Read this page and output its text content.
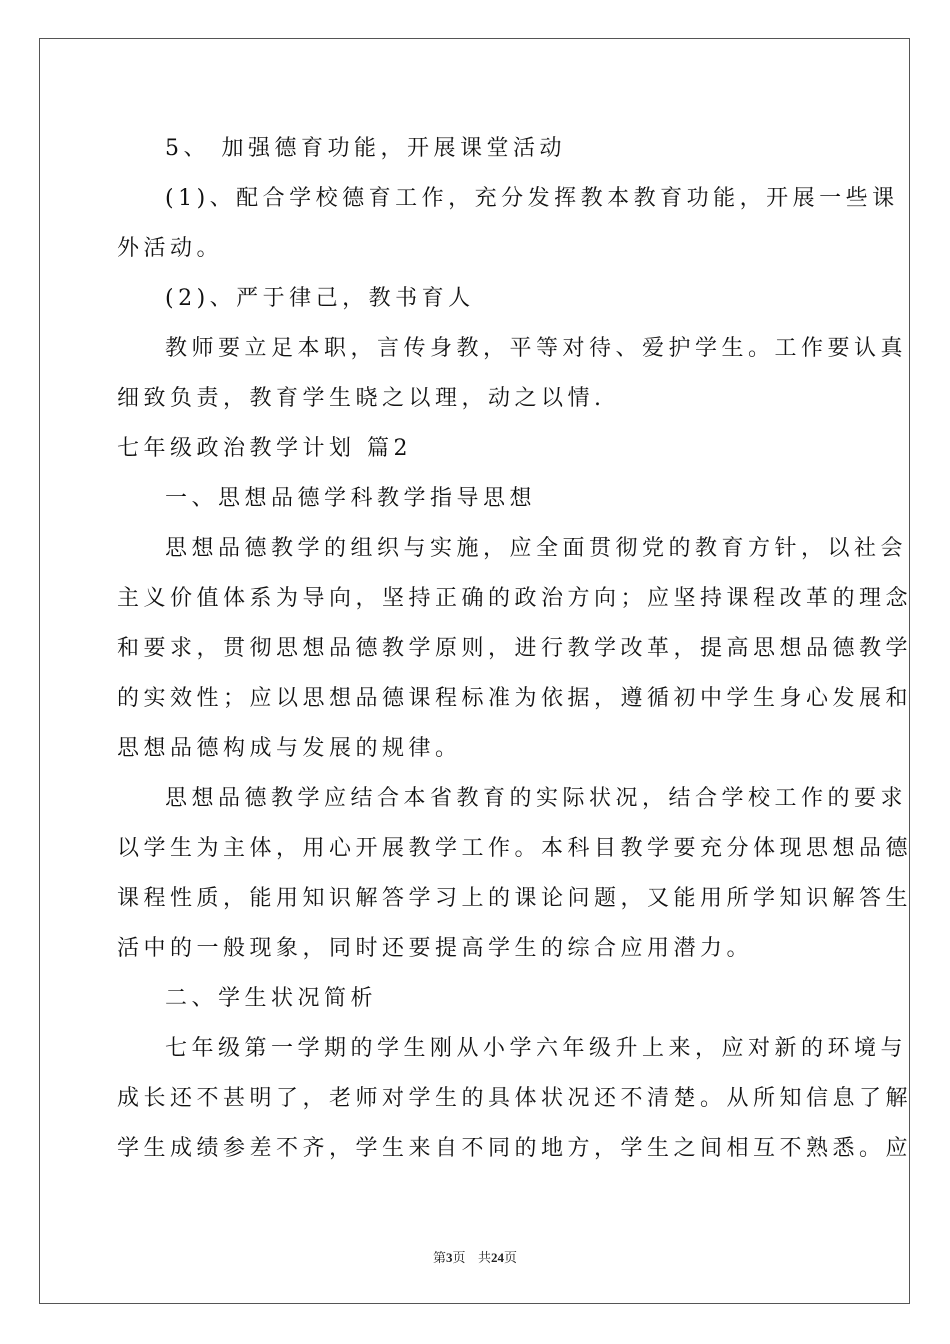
5、 加强德育功能，开展课堂活动

(1)、配合学校德育工作，充分发挥教本教育功能，开展一些课

外活动。

(2)、严于律己，教书育人

教师要立足本职，言传身教，平等对待、爱护学生。工作要认真

细致负责，教育学生晓之以理，动之以情.

七年级政治教学计划 篇2

一、思想品德学科教学指导思想

思想品德教学的组织与实施，应全面贯彻党的教育方针，以社会

主义价值体系为导向，坚持正确的政治方向；应坚持课程改革的理念

和要求，贯彻思想品德教学原则，进行教学改革，提高思想品德教学

的实效性；应以思想品德课程标准为依据，遵循初中学生身心发展和

思想品德构成与发展的规律。

思想品德教学应结合本省教育的实际状况，结合学校工作的要求

以学生为主体，用心开展教学工作。本科目教学要充分体现思想品德

课程性质，能用知识解答学习上的课论问题，又能用所学知识解答生

活中的一般现象，同时还要提高学生的综合应用潜力。

二、学生状况简析

七年级第一学期的学生刚从小学六年级升上来，应对新的环境与

成长还不甚明了，老师对学生的具体状况还不清楚。从所知信息了解

学生成绩参差不齐，学生来自不同的地方，学生之间相互不熟悉。应

第3页 共24页
